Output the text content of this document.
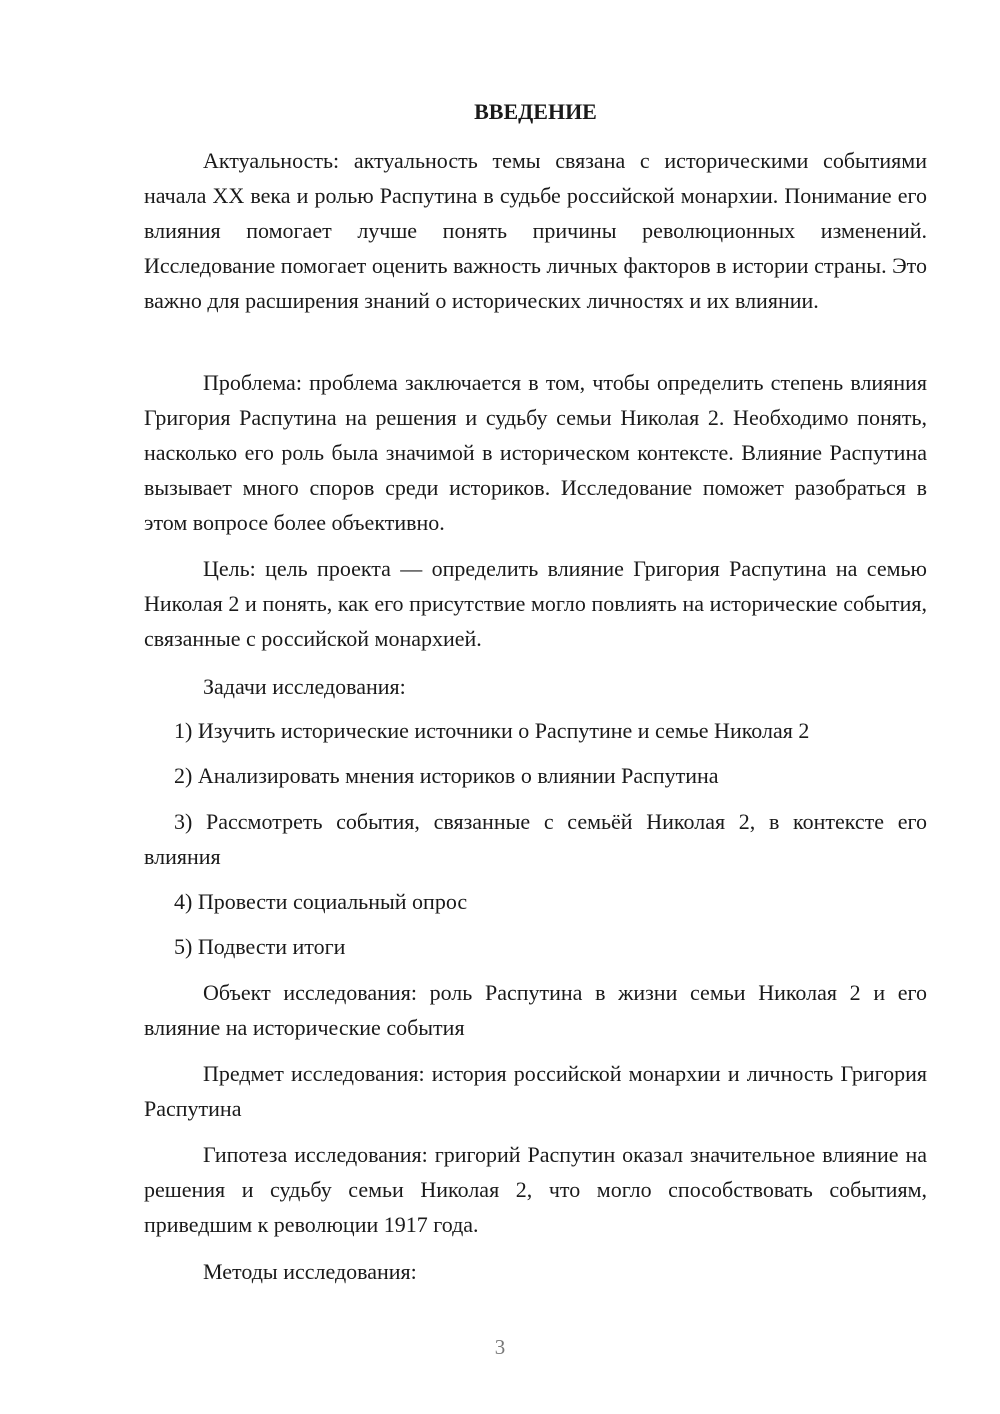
ВВЕДЕНИЕ

Актуальность: актуальность темы связана с историческими событиями начала XX века и ролью Распутина в судьбе российской монархии. Понимание его влияния помогает лучше понять причины революционных изменений. Исследование помогает оценить важность личных факторов в истории страны. Это важно для расширения знаний о исторических личностях и их влиянии.

Проблема: проблема заключается в том, чтобы определить степень влияния Григория Распутина на решения и судьбу семьи Николая 2. Необходимо понять, насколько его роль была значимой в историческом контексте. Влияние Распутина вызывает много споров среди историков. Исследование поможет разобраться в этом вопросе более объективно.

Цель: цель проекта — определить влияние Григория Распутина на семью Николая 2 и понять, как его присутствие могло повлиять на исторические события, связанные с российской монархией.

Задачи исследования:

1) Изучить исторические источники о Распутине и семье Николая 2

2) Анализировать мнения историков о влиянии Распутина

3) Рассмотреть события, связанные с семьёй Николая 2, в контексте его влияния

4) Провести социальный опрос

5) Подвести итоги

Объект исследования: роль Распутина в жизни семьи Николая 2 и его влияние на исторические события

Предмет исследования: история российской монархии и личность Григория Распутина

Гипотеза исследования: григорий Распутин оказал значительное влияние на решения и судьбу семьи Николая 2, что могло способствовать событиям, приведшим к революции 1917 года.

Методы исследования:

3
